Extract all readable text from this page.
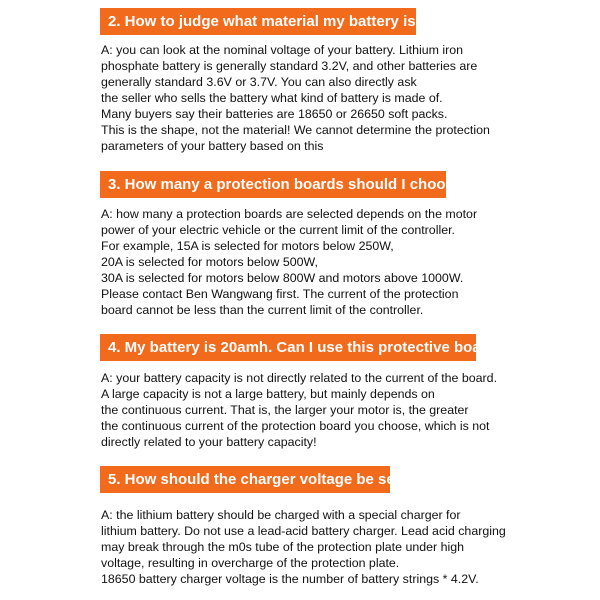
2. How to judge what material my battery is?
A: you can look at the nominal voltage of your battery. Lithium iron
phosphate battery is generally standard 3.2V, and other batteries are
generally standard 3.6V or 3.7V. You can also directly ask
the seller who sells the battery what kind of battery is made of.
Many buyers say their batteries are 18650 or 26650 soft packs.
This is the shape, not the material! We cannot determine the protection
parameters of your battery based on this
3. How many a protection boards should I choose?
A: how many a protection boards are selected depends on the motor
power of your electric vehicle or the current limit of the controller.
For example, 15A is selected for motors below 250W,
20A is selected for motors below 500W,
30A is selected for motors below 800W and motors above 1000W.
Please contact Ben Wangwang first. The current of the protection
board cannot be less than the current limit of the controller.
4. My battery is 20amh. Can I use this protective board?
A: your battery capacity is not directly related to the current of the board.
A large capacity is not a large battery, but mainly depends on
the continuous current. That is, the larger your motor is, the greater
the continuous current of the protection board you choose, which is not
directly related to your battery capacity!
5. How should the charger voltage be set?
A: the lithium battery should be charged with a special charger for
lithium battery. Do not use a lead-acid battery charger. Lead acid charging
may break through the m0s tube of the protection plate under high
voltage, resulting in overcharge of the protection plate.
18650 battery charger voltage is the number of battery strings * 4.2V.
